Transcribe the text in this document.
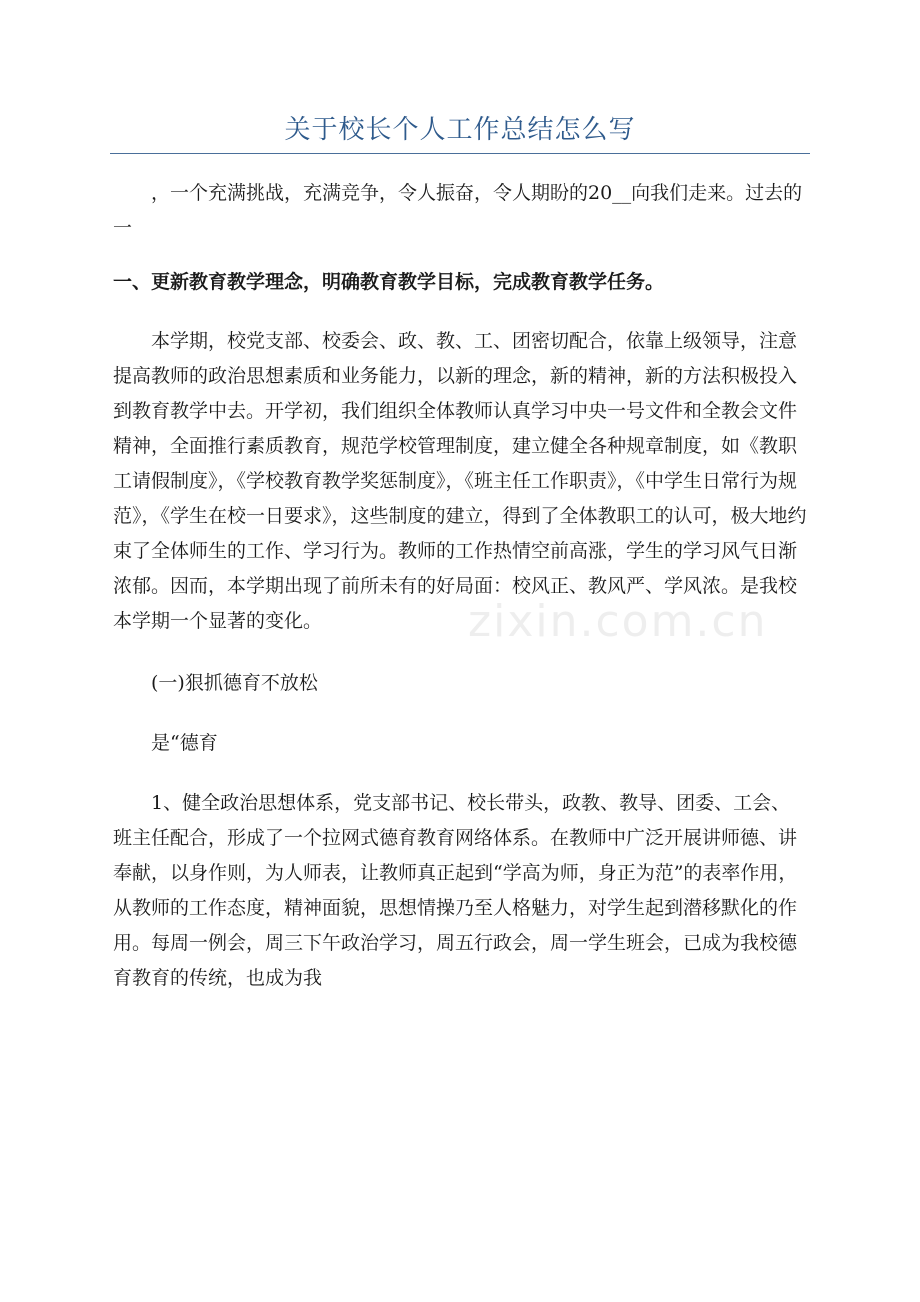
关于校长个人工作总结怎么写

，一个充满挑战，充满竞争，令人振奋，令人期盼的20__向我们走来。过去的一

一、更新教育教学理念，明确教育教学目标，完成教育教学任务。

本学期，校党支部、校委会、政、教、工、团密切配合，依靠上级领导，注意提高教师的政治思想素质和业务能力，以新的理念，新的精神，新的方法积极投入到教育教学中去。开学初，我们组织全体教师认真学习中央一号文件和全教会文件精神，全面推行素质教育，规范学校管理制度，建立健全各种规章制度，如《教职工请假制度》，《学校教育教学奖惩制度》，《班主任工作职责》，《中学生日常行为规范》，《学生在校一日要求》，这些制度的建立，得到了全体教职工的认可，极大地约束了全体师生的工作、学习行为。教师的工作热情空前高涨，学生的学习风气日渐浓郁。因而，本学期出现了前所未有的好局面：校风正、教风严、学风浓。是我校本学期一个显著的变化。

(一)狠抓德育不放松

是“德育

1、健全政治思想体系，党支部书记、校长带头，政教、教导、团委、工会、班主任配合，形成了一个拉网式德育教育网络体系。在教师中广泛开展讲师德、讲奉献，以身作则，为人师表，让教师真正起到“学高为师，身正为范”的表率作用，从教师的工作态度，精神面貌，思想情操乃至人格魅力，对学生起到潜移默化的作用。每周一例会，周三下午政治学习，周五行政会，周一学生班会，已成为我校德育教育的传统，也成为我

zixin.com.cn
